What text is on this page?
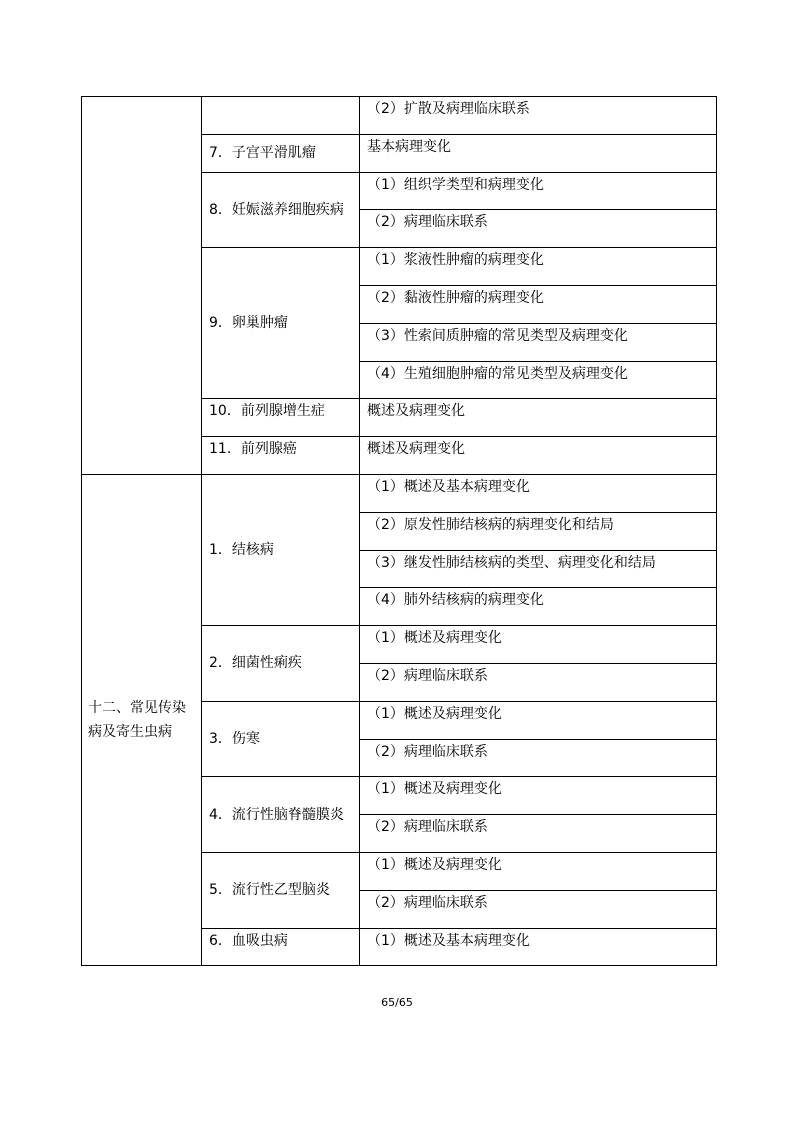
		（2）扩散及病理临床联系
	7．子宫平滑肌瘤	基本病理变化
	8．妊娠滋养细胞疾病	（1）组织学类型和病理变化
		（2）病理临床联系
	9．卵巢肿瘤	（1）浆液性肿瘤的病理变化
		（2）黏液性肿瘤的病理变化
		（3）性索间质肿瘤的常见类型及病理变化
		（4）生殖细胞肿瘤的常见类型及病理变化
	10．前列腺增生症	概述及病理变化
	11．前列腺癌	概述及病理变化
十二、常见传染病及寄生虫病	1．结核病	（1）概述及基本病理变化
		（2）原发性肺结核病的病理变化和结局
		（3）继发性肺结核病的类型、病理变化和结局
		（4）肺外结核病的病理变化
	2．细菌性痢疾	（1）概述及病理变化
		（2）病理临床联系
	3．伤寒	（1）概述及病理变化
		（2）病理临床联系
	4．流行性脑脊髓膜炎	（1）概述及病理变化
		（2）病理临床联系
	5．流行性乙型脑炎	（1）概述及病理变化
		（2）病理临床联系
	6．血吸虫病	（1）概述及基本病理变化
65/65
